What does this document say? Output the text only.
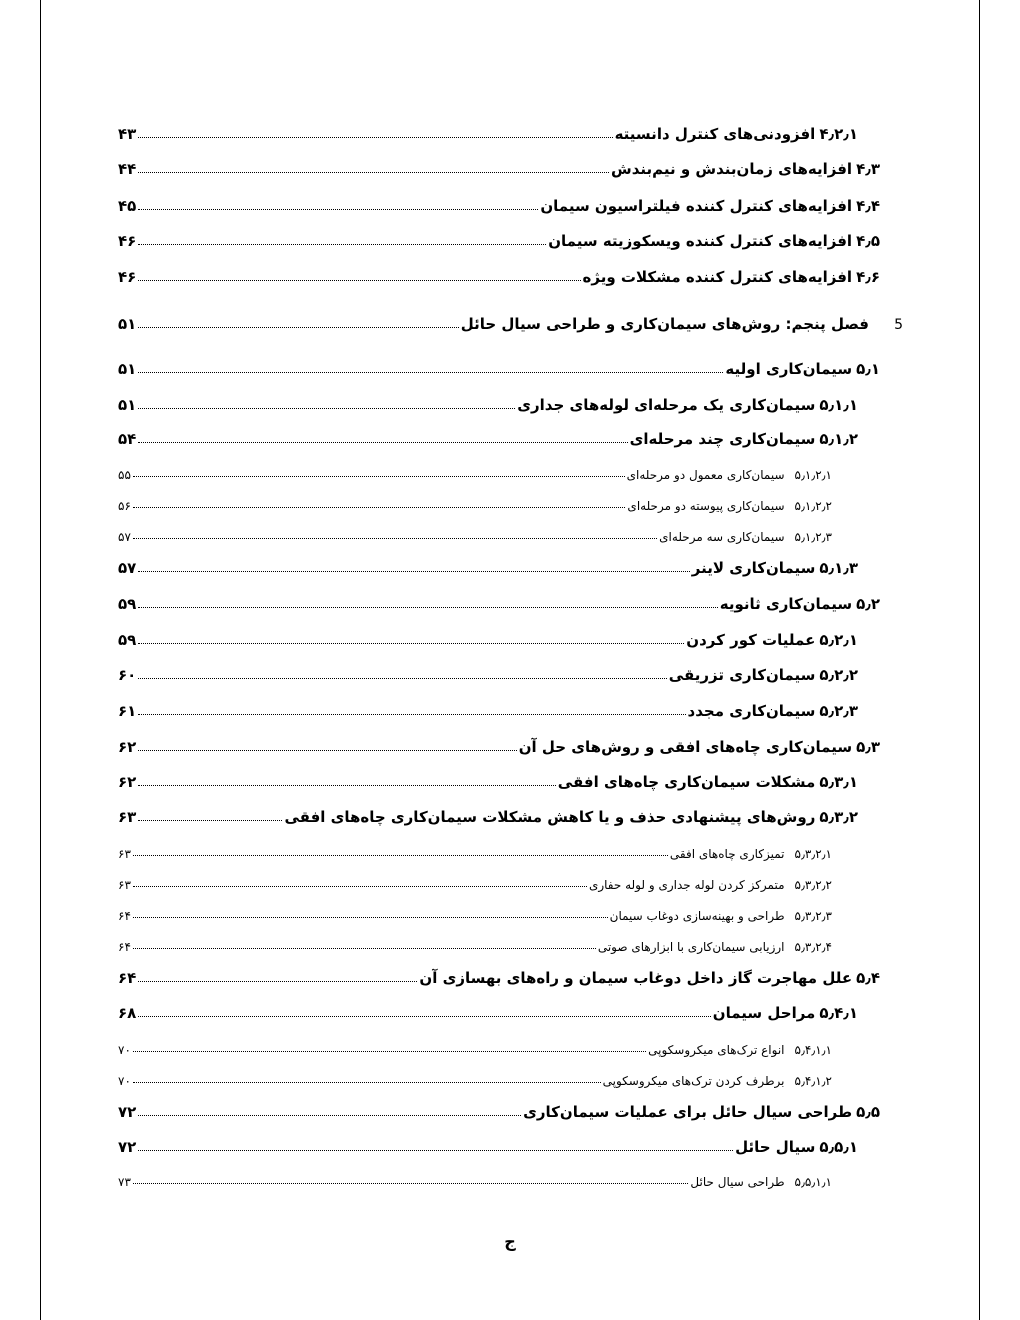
۴٫۲٫۱
افزودنی‌های کنترل دانسیته
۴۳
۴٫۳
افزایه‌های زمان‌بندش و نیم‌بندش
۴۴
۴٫۴
افزایه‌های کنترل کننده فیلتراسیون سیمان
۴۵
۴٫۵
افزایه‌های کنترل کننده ویسکوزیته سیمان
۴۶
۴٫۶
افزایه‌های کنترل کننده مشکلات ویژه
۴۶
5
فصل پنجم: روش‌های سیمان‌کاری و طراحی سیال حائل
۵۱
۵٫۱
سیمان‌کاری اولیه
۵۱
۵٫۱٫۱
سیمان‌کاری یک مرحله‌ای لوله‌های جداری
۵۱
۵٫۱٫۲
سیمان‌کاری چند مرحله‌ای
۵۴
۵٫۱٫۲٫۱
سیمان‌کاری معمول دو مرحله‌ای
۵۵
۵٫۱٫۲٫۲
سیمان‌کاری پیوسته دو مرحله‌ای
۵۶
۵٫۱٫۲٫۳
سیمان‌کاری سه مرحله‌ای
۵۷
۵٫۱٫۳
سیمان‌کاری لاینر
۵۷
۵٫۲
سیمان‌کاری ثانویه
۵۹
۵٫۲٫۱
عملیات کور کردن
۵۹
۵٫۲٫۲
سیمان‌کاری تزریقی
۶۰
۵٫۲٫۳
سیمان‌کاری مجدد
۶۱
۵٫۳
سیمان‌کاری چاه‌های افقی و روش‌های حل آن
۶۲
۵٫۳٫۱
مشکلات سیمان‌کاری چاه‌های افقی
۶۲
۵٫۳٫۲
روش‌های پیشنهادی حذف و یا کاهش مشکلات سیمان‌کاری چاه‌های افقی
۶۳
۵٫۳٫۲٫۱
تمیزکاری چاه‌های افقی
۶۳
۵٫۳٫۲٫۲
متمرکز کردن لوله جداری و لوله حفاری
۶۳
۵٫۳٫۲٫۳
طراحی و بهینه‌سازی دوغاب سیمان
۶۴
۵٫۳٫۲٫۴
ارزیابی سیمان‌کاری با ابزارهای صوتی
۶۴
۵٫۴
علل مهاجرت گاز داخل دوغاب سیمان و راه‌های بهسازی آن
۶۴
۵٫۴٫۱
مراحل سیمان
۶۸
۵٫۴٫۱٫۱
انواع ترک‌های میکروسکوپی
۷۰
۵٫۴٫۱٫۲
برطرف کردن ترک‌های میکروسکوپی
۷۰
۵٫۵
طراحی سیال حائل برای عملیات سیمان‌کاری
۷۲
۵٫۵٫۱
سیال حائل
۷۲
۵٫۵٫۱٫۱
طراحی سیال حائل
۷۳
ج
